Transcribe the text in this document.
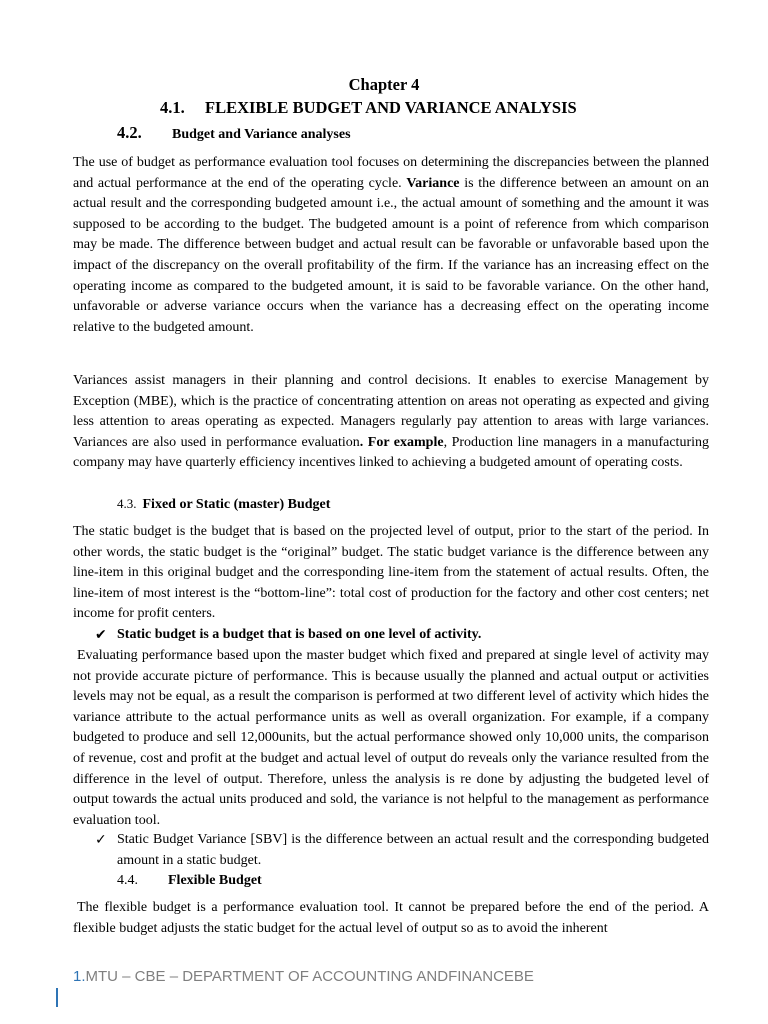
Chapter 4

4.1. FLEXIBLE BUDGET AND VARIANCE ANALYSIS

4.2. Budget and Variance analyses

The use of budget as performance evaluation tool focuses on determining the discrepancies between the planned and actual performance at the end of the operating cycle. Variance is the difference between an amount on an actual result and the corresponding budgeted amount i.e., the actual amount of something and the amount it was supposed to be according to the budget. The budgeted amount is a point of reference from which comparison may be made. The difference between budget and actual result can be favorable or unfavorable based upon the impact of the discrepancy on the overall profitability of the firm. If the variance has an increasing effect on the operating income as compared to the budgeted amount, it is said to be favorable variance. On the other hand, unfavorable or adverse variance occurs when the variance has a decreasing effect on the operating income relative to the budgeted amount.

Variances assist managers in their planning and control decisions. It enables to exercise Management by Exception (MBE), which is the practice of concentrating attention on areas not operating as expected and giving less attention to areas operating as expected. Managers regularly pay attention to areas with large variances. Variances are also used in performance evaluation. For example, Production line managers in a manufacturing company may have quarterly efficiency incentives linked to achieving a budgeted amount of operating costs.

4.3. Fixed or Static (master) Budget

The static budget is the budget that is based on the projected level of output, prior to the start of the period. In other words, the static budget is the “original” budget. The static budget variance is the difference between any line-item in this original budget and the corresponding line-item from the statement of actual results. Often, the line-item of most interest is the “bottom-line”: total cost of production for the factory and other cost centers; net income for profit centers.

✔ Static budget is a budget that is based on one level of activity.

Evaluating performance based upon the master budget which fixed and prepared at single level of activity may not provide accurate picture of performance. This is because usually the planned and actual output or activities levels may not be equal, as a result the comparison is performed at two different level of activity which hides the variance attribute to the actual performance units as well as overall organization. For example, if a company budgeted to produce and sell 12,000units, but the actual performance showed only 10,000 units, the comparison of revenue, cost and profit at the budget and actual level of output do reveals only the variance resulted from the difference in the level of output. Therefore, unless the analysis is re done by adjusting the budgeted level of output towards the actual units produced and sold, the variance is not helpful to the management as performance evaluation tool.

✓ Static Budget Variance [SBV] is the difference between an actual result and the corresponding budgeted amount in a static budget.

4.4. Flexible Budget

The flexible budget is a performance evaluation tool. It cannot be prepared before the end of the period. A flexible budget adjusts the static budget for the actual level of output so as to avoid the inherent

1.MTU – CBE – DEPARTMENT OF ACCOUNTING ANDFINANCEBE
